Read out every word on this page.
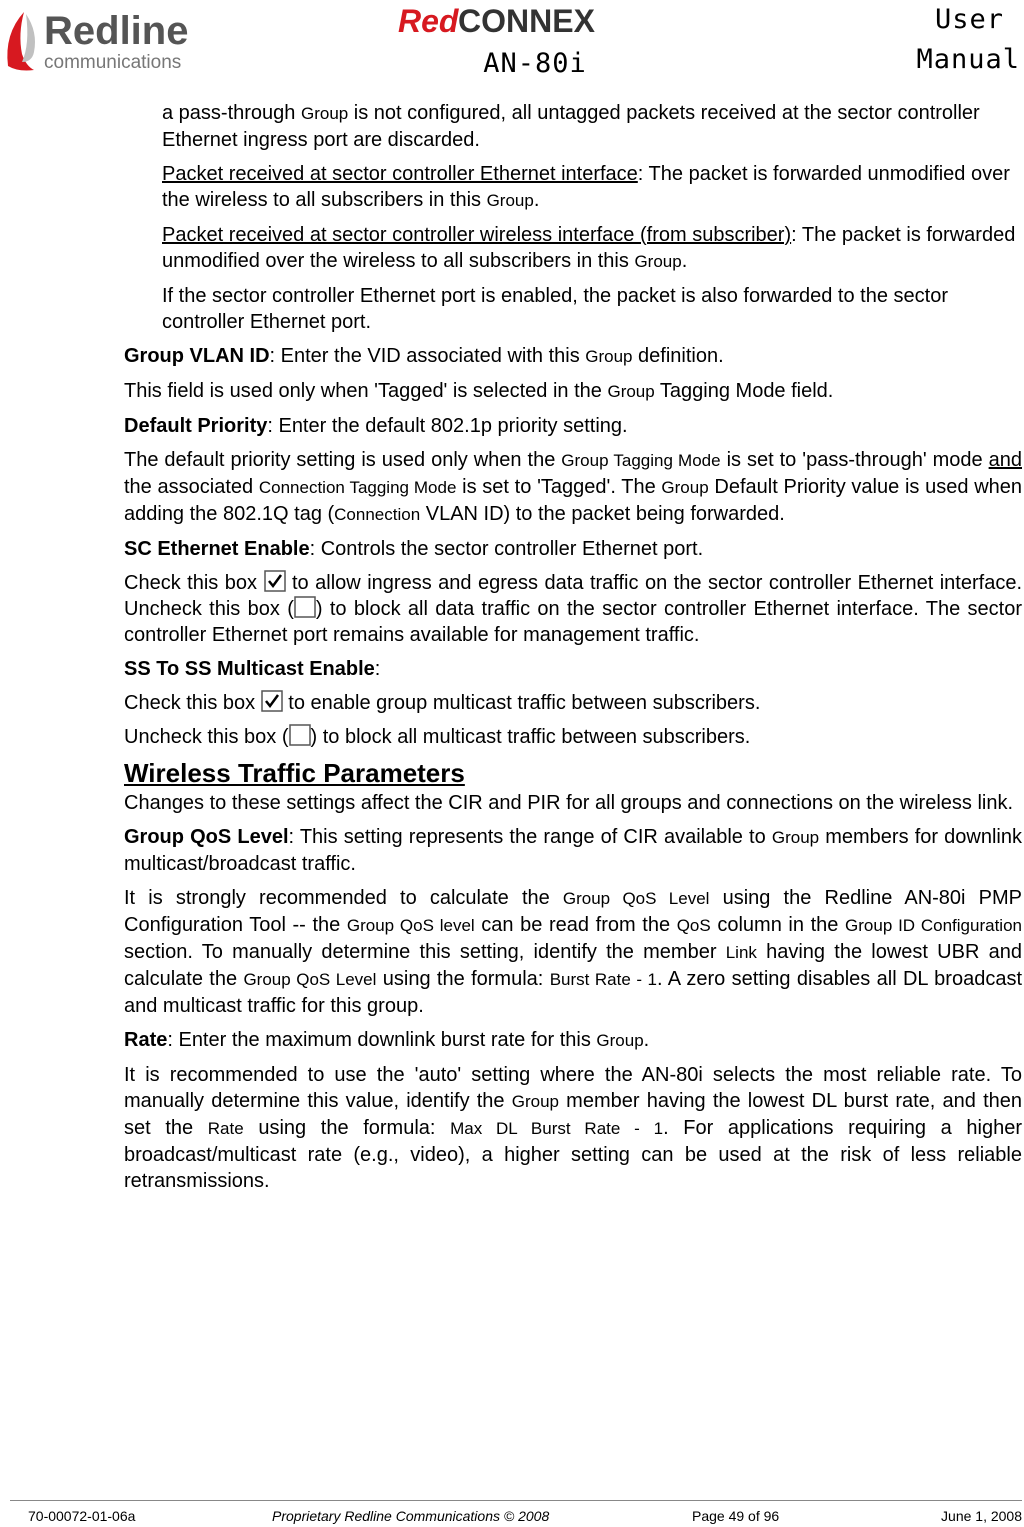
Redline
communications
Red CONNEX
AN-80i
User
Manual

a pass-through Group is not configured, all untagged packets received at the sector controller Ethernet ingress port are discarded.

Packet received at sector controller Ethernet interface: The packet is forwarded unmodified over the wireless to all subscribers in this Group.

Packet received at sector controller wireless interface (from subscriber): The packet is forwarded unmodified over the wireless to all subscribers in this Group.

If the sector controller Ethernet port is enabled, the packet is also forwarded to the sector controller Ethernet port.

Group VLAN ID: Enter the VID associated with this Group definition.

This field is used only when 'Tagged' is selected in the Group Tagging Mode field.

Default Priority: Enter the default 802.1p priority setting.

The default priority setting is used only when the Group Tagging Mode is set to 'pass-through' mode and the associated Connection Tagging Mode is set to 'Tagged'. The Group Default Priority value is used when adding the 802.1Q tag (Connection VLAN ID) to the packet being forwarded.

SC Ethernet Enable: Controls the sector controller Ethernet port.

Check this box  to allow ingress and egress data traffic on the sector controller Ethernet interface. Uncheck this box ( ) to block all data traffic on the sector controller Ethernet interface. The sector controller Ethernet port remains available for management traffic.

SS To SS Multicast Enable:

Check this box  to enable group multicast traffic between subscribers.

Uncheck this box ( ) to block all multicast traffic between subscribers.

Wireless Traffic Parameters

Changes to these settings affect the CIR and PIR for all groups and connections on the wireless link.

Group QoS Level: This setting represents the range of CIR available to Group members for downlink multicast/broadcast traffic.

It is strongly recommended to calculate the Group QoS Level using the Redline AN-80i PMP Configuration Tool -- the Group QoS level can be read from the QoS column in the Group ID Configuration section. To manually determine this setting, identify the member Link having the lowest UBR and calculate the Group QoS Level using the formula: Burst Rate - 1. A zero setting disables all DL broadcast and multicast traffic for this group.

Rate: Enter the maximum downlink burst rate for this Group.

It is recommended to use the 'auto' setting where the AN-80i selects the most reliable rate. To manually determine this value, identify the Group member having the lowest DL burst rate, and then set the Rate using the formula: Max DL Burst Rate - 1. For applications requiring a higher broadcast/multicast rate (e.g., video), a higher setting can be used at the risk of less reliable retransmissions.

70-00072-01-06a	Proprietary Redline Communications © 2008	Page 49 of 96	June 1, 2008
